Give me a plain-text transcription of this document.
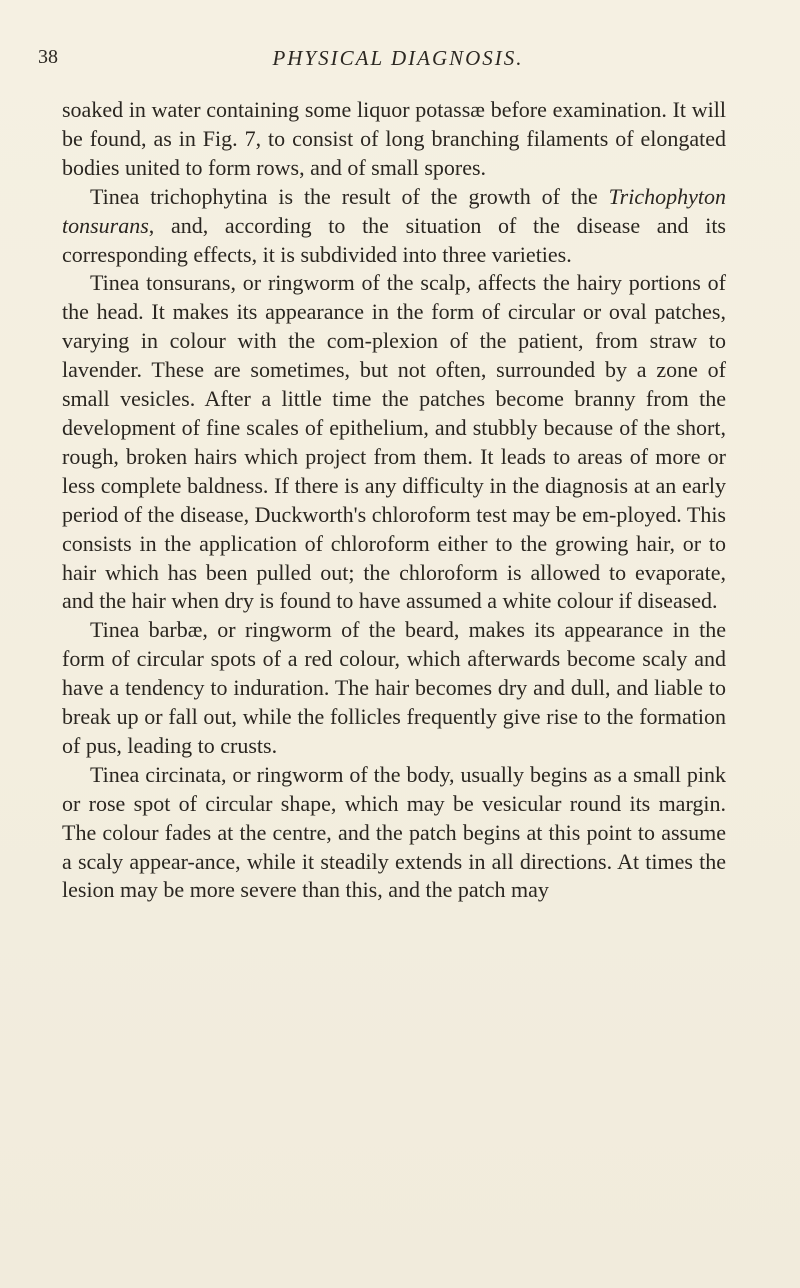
38	PHYSICAL DIAGNOSIS.

soaked in water containing some liquor potassæ before examination. It will be found, as in Fig. 7, to consist of long branching filaments of elongated bodies united to form rows, and of small spores.

Tinea trichophytina is the result of the growth of the Trichophyton tonsurans, and, according to the situation of the disease and its corresponding effects, it is subdivided into three varieties.

Tinea tonsurans, or ringworm of the scalp, affects the hairy portions of the head. It makes its appearance in the form of circular or oval patches, varying in colour with the com-plexion of the patient, from straw to lavender. These are sometimes, but not often, surrounded by a zone of small vesicles. After a little time the patches become branny from the development of fine scales of epithelium, and stubbly because of the short, rough, broken hairs which project from them. It leads to areas of more or less complete baldness. If there is any difficulty in the diagnosis at an early period of the disease, Duckworth's chloroform test may be em-ployed. This consists in the application of chloroform either to the growing hair, or to hair which has been pulled out; the chloroform is allowed to evaporate, and the hair when dry is found to have assumed a white colour if diseased.

Tinea barbæ, or ringworm of the beard, makes its appearance in the form of circular spots of a red colour, which afterwards become scaly and have a tendency to induration. The hair becomes dry and dull, and liable to break up or fall out, while the follicles frequently give rise to the formation of pus, leading to crusts.

Tinea circinata, or ringworm of the body, usually begins as a small pink or rose spot of circular shape, which may be vesicular round its margin. The colour fades at the centre, and the patch begins at this point to assume a scaly appear-ance, while it steadily extends in all directions. At times the lesion may be more severe than this, and the patch may
